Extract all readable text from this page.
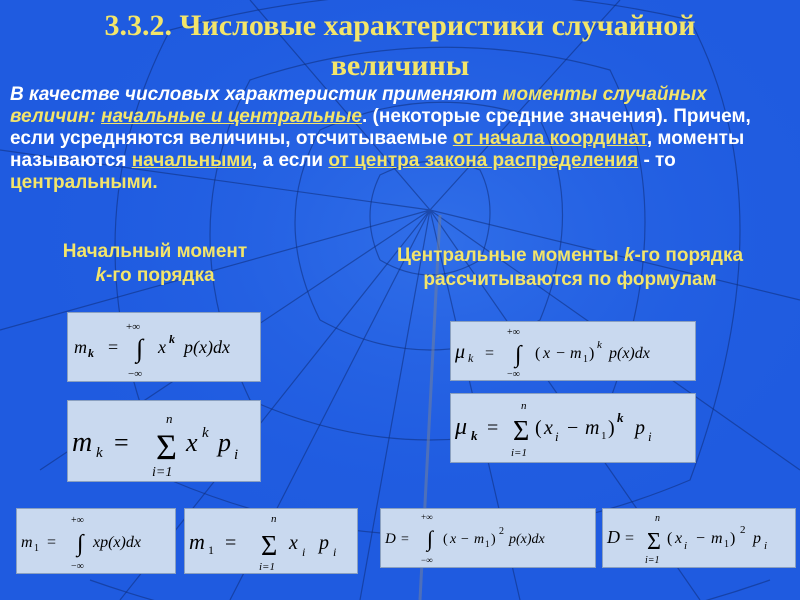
3.3.2. Числовые характеристики случайной
величины
В качестве числовых характеристик применяют моменты случайных величин: начальные и центральные. (некоторые средние значения). Причем, если усредняются величины, отсчитываемые от начала координат, моменты называются начальными, а если от центра закона распределения - то центральными.
Начальный момент
k-го порядка
Центральные моменты k-го порядка рассчитываются по формулам
m k =
+∞
∫
−∞
x k p(x)dx
m k =
n
Σ
i=1
x k p i
μ k =
+∞
∫
−∞
( x − m 1 ) k p(x)dx
μ k =
n
Σ
i=1
( x i − m 1 ) k p i
m 1 =
+∞
∫
−∞
xp(x)dx m 1 =
n
Σ
i=1
x i p i
D =
+∞
∫
−∞
( x − m 1 )
2
p(x)dx	D =
n
Σ
i=1
( x i − m 1 ) 2 p i
